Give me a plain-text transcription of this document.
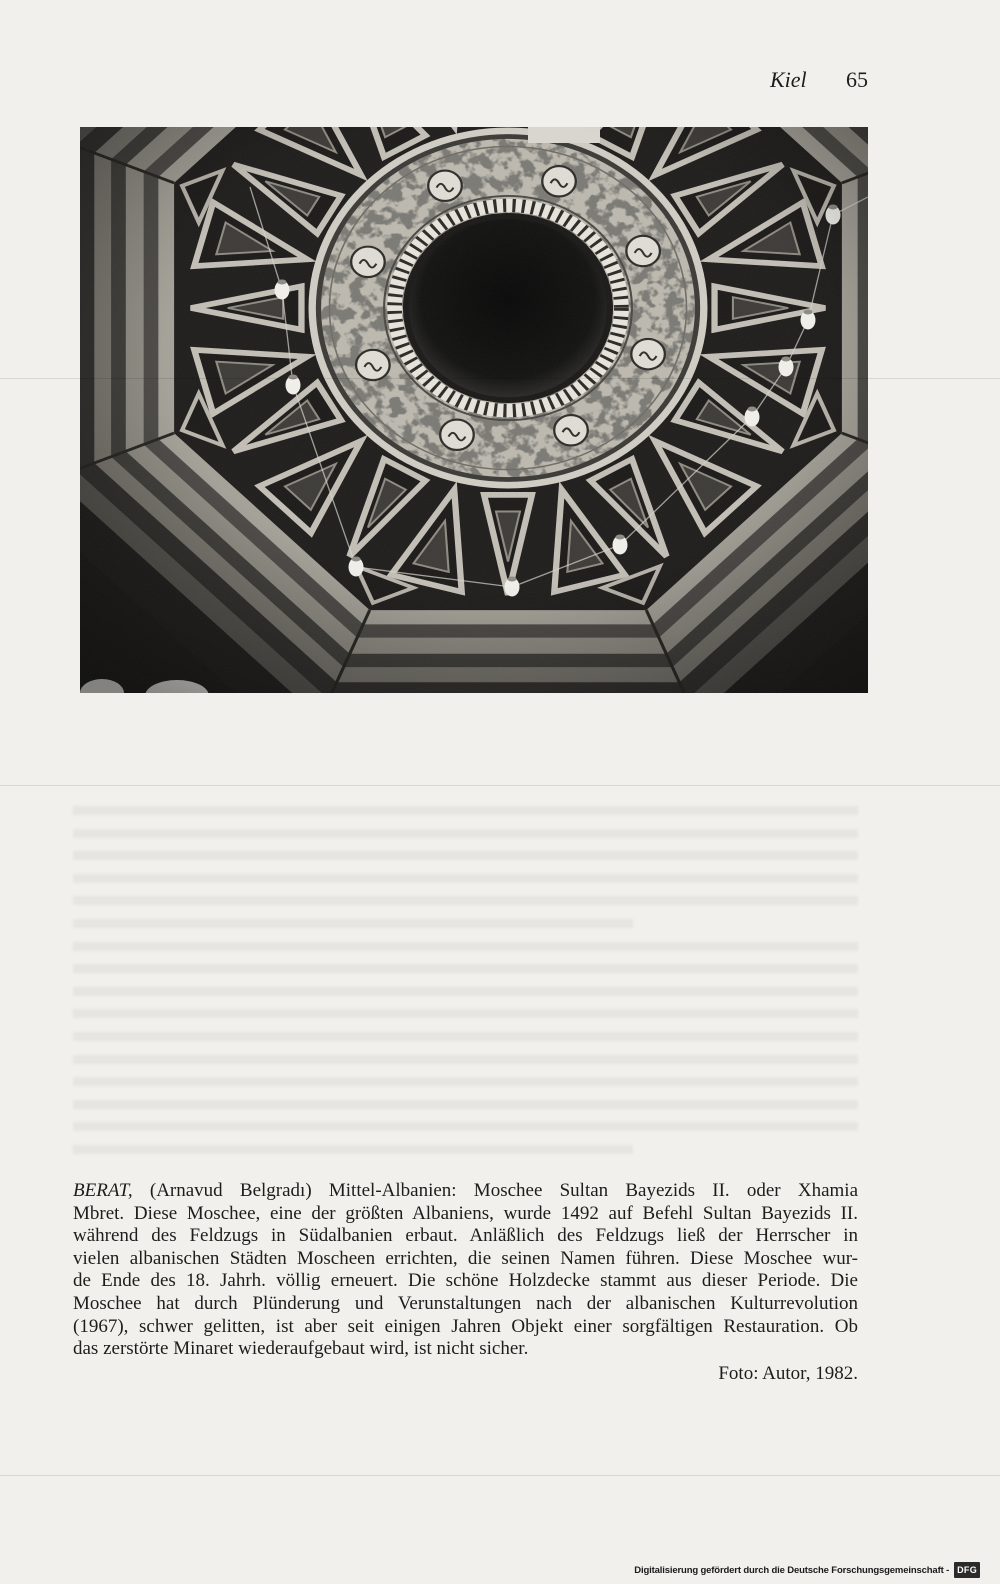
Kiel 65
BERAT, (Arnavud Belgradı) Mittel-Albanien: Moschee Sultan Bayezids II. oder Xhamia
Mbret. Diese Moschee, eine der größten Albaniens, wurde 1492 auf Befehl Sultan Bayezids II.
während des Feldzugs in Südalbanien erbaut. Anläßlich des Feldzugs ließ der Herrscher in
vielen albanischen Städten Moscheen errichten, die seinen Namen führen. Diese Moschee wur-
de Ende des 18. Jahrh. völlig erneuert. Die schöne Holzdecke stammt aus dieser Periode. Die
Moschee hat durch Plünderung und Verunstaltungen nach der albanischen Kulturrevolution
(1967), schwer gelitten, ist aber seit einigen Jahren Objekt einer sorgfältigen Restauration. Ob
das zerstörte Minaret wiederaufgebaut wird, ist nicht sicher.
Foto: Autor, 1982.
Digitalisierung gefördert durch die Deutsche Forschungsgemeinschaft - DFG
